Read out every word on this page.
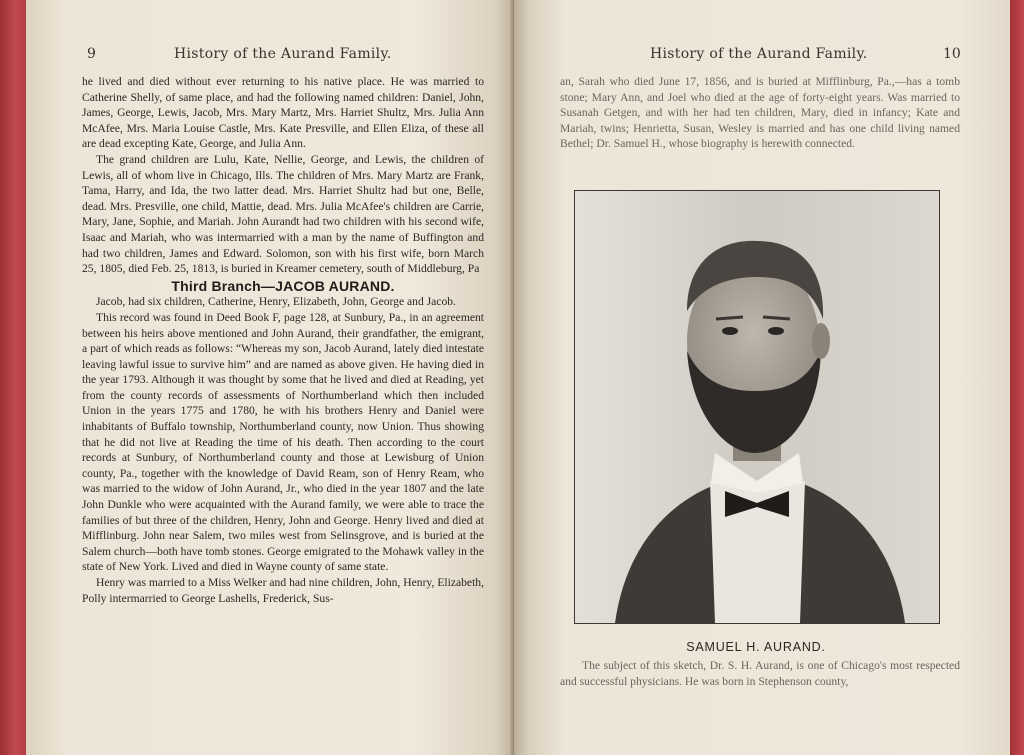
9	History of the Aurand Family.

he lived and died without ever returning to his native place. He was married to Catherine Shelly, of same place, and had the following named children: Daniel, John, James, George, Lewis, Jacob, Mrs. Mary Martz, Mrs. Harriet Shultz, Mrs. Julia Ann McAfee, Mrs. Maria Louise Castle, Mrs. Kate Presville, and Ellen Eliza, of these all are dead excepting Kate, George, and Julia Ann.

The grand children are Lulu, Kate, Nellie, George, and Lewis, the children of Lewis, all of whom live in Chicago, Ills. The children of Mrs. Mary Martz are Frank, Tama, Harry, and Ida, the two latter dead. Mrs. Harriet Shultz had but one, Belle, dead. Mrs. Presville, one child, Mattie, dead. Mrs. Julia McAfee's children are Carrie, Mary, Jane, Sophie, and Mariah. John Aurandt had two children with his second wife, Isaac and Mariah, who was intermarried with a man by the name of Buffington and had two children, James and Edward. Solomon, son with his first wife, born March 25, 1805, died Feb. 25, 1813, is buried in Kreamer cemetery, south of Middleburg, Pa

Third Branch—JACOB AURAND.

Jacob, had six children, Catherine, Henry, Elizabeth, John, George and Jacob.

This record was found in Deed Book F, page 128, at Sunbury, Pa., in an agreement between his heirs above mentioned and John Aurand, their grandfather, the emigrant, a part of which reads as follows: “Whereas my son, Jacob Aurand, lately died intestate leaving lawful issue to survive him” and are named as above given. He having died in the year 1793. Although it was thought by some that he lived and died at Reading, yet from the county records of assessments of Northumberland which then included Union in the years 1775 and 1780, he with his brothers Henry and Daniel were inhabitants of Buffalo township, Northumberland county, now Union. Thus showing that he did not live at Reading the time of his death. Then according to the court records at Sunbury, of Northumberland county and those at Lewisburg of Union county, Pa., together with the knowledge of David Ream, son of Henry Ream, who was married to the widow of John Aurand, Jr., who died in the year 1807 and the late John Dunkle who were acquainted with the Aurand family, we were able to trace the families of but three of the children, Henry, John and George. Henry lived and died at Mifflinburg. John near Salem, two miles west from Selinsgrove, and is buried at the Salem church—both have tomb stones. George emigrated to the Mohawk valley in the state of New York. Lived and died in Wayne county of same state.

Henry was married to a Miss Welker and had nine children, John, Henry, Elizabeth, Polly intermarried to George Lashells, Frederick, Sus-

History of the Aurand Family.	10

an, Sarah who died June 17, 1856, and is buried at Mifflinburg, Pa.,—has a tomb stone; Mary Ann, and Joel who died at the age of forty-eight years. Was married to Susanah Getgen, and with her had ten children, Mary, died in infancy; Kate and Mariah, twins; Henrietta, Susan, Wesley is married and has one child living named Bethel; Dr. Samuel H., whose biography is herewith connected.

SAMUEL H. AURAND.

The subject of this sketch, Dr. S. H. Aurand, is one of Chicago's most respected and successful physicians. He was born in Stephenson county,
